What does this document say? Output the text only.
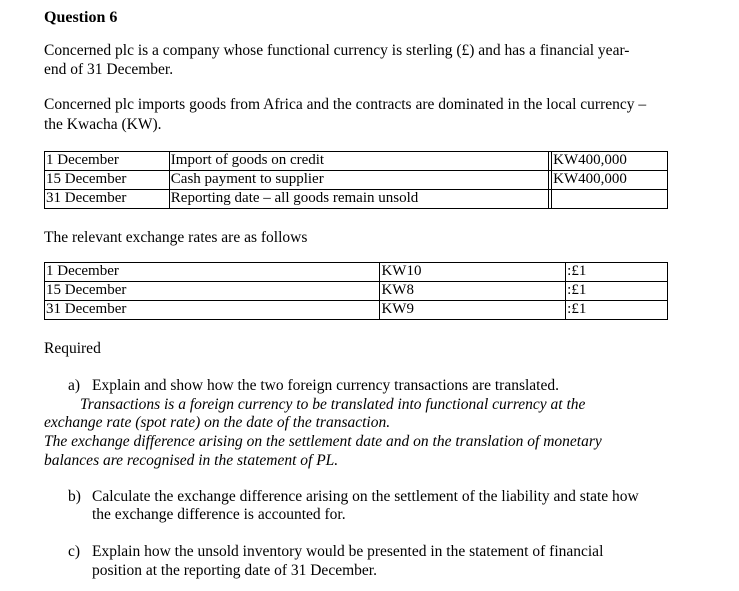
Question 6
Concerned plc is a company whose functional currency is sterling (£) and has a financial year-
end of 31 December.
Concerned plc imports goods from Africa and the contracts are dominated in the local currency –
the Kwacha (KW).
1 December	Import of goods on credit		KW400,000
15 December	Cash payment to supplier		KW400,000
31 December	Reporting date – all goods remain unsold		
The relevant exchange rates are as follows
1 December	KW10	:£1
15 December	KW8	:£1
31 December	KW9	:£1
Required
a) Explain and show how the two foreign currency transactions are translated.
Transactions is a foreign currency to be translated into functional currency at the
exchange rate (spot rate) on the date of the transaction.
The exchange difference arising on the settlement date and on the translation of monetary
balances are recognised in the statement of PL.
b) Calculate the exchange difference arising on the settlement of the liability and state how
the exchange difference is accounted for.
c) Explain how the unsold inventory would be presented in the statement of financial
position at the reporting date of 31 December.
